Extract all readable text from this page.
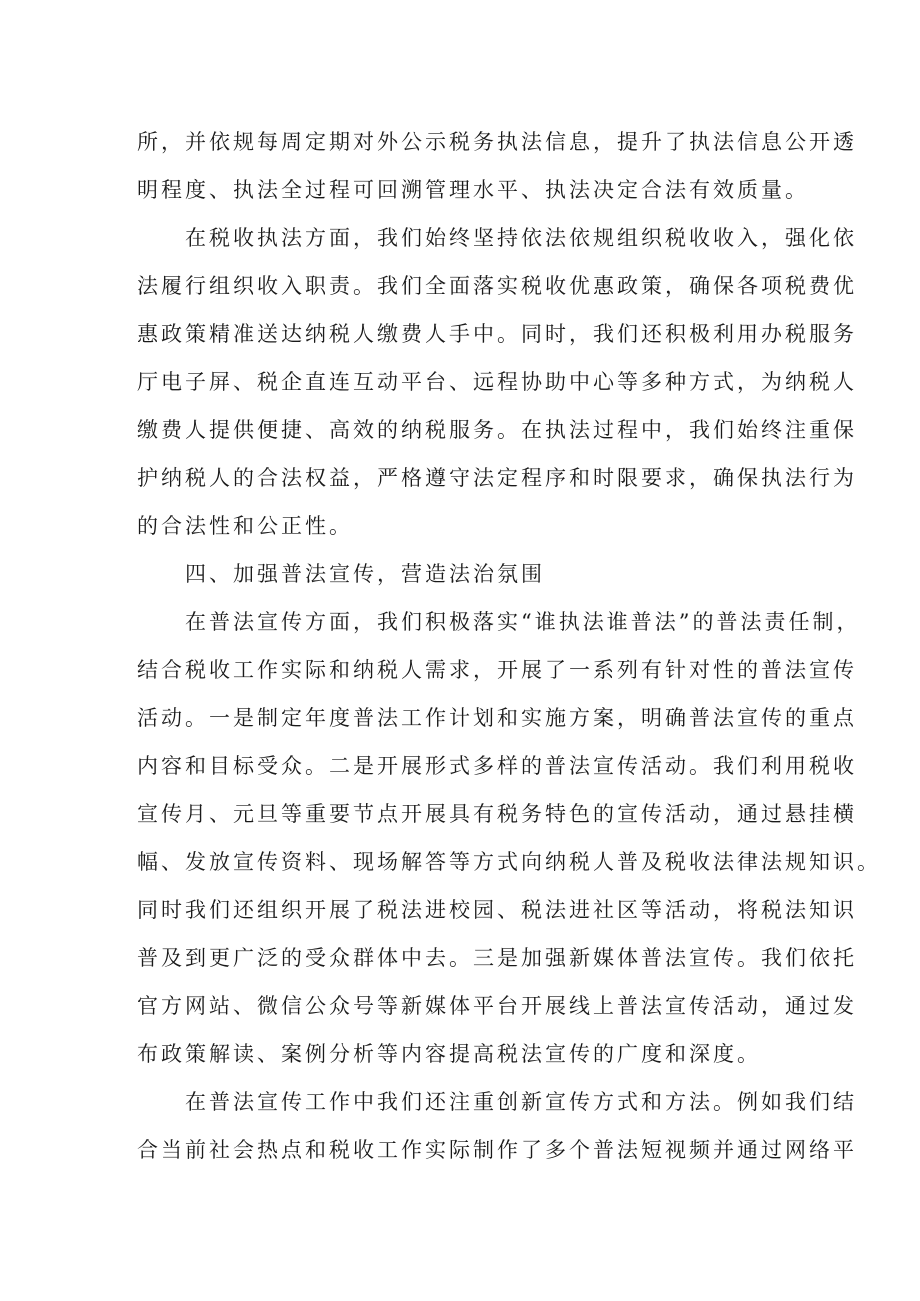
所，并依规每周定期对外公示税务执法信息，提升了执法信息公开透
明程度、执法全过程可回溯管理水平、执法决定合法有效质量。
在税收执法方面，我们始终坚持依法依规组织税收收入，强化依
法履行组织收入职责。我们全面落实税收优惠政策，确保各项税费优
惠政策精准送达纳税人缴费人手中。同时，我们还积极利用办税服务
厅电子屏、税企直连互动平台、远程协助中心等多种方式，为纳税人
缴费人提供便捷、高效的纳税服务。在执法过程中，我们始终注重保
护纳税人的合法权益，严格遵守法定程序和时限要求，确保执法行为
的合法性和公正性。
四、加强普法宣传，营造法治氛围
在普法宣传方面，我们积极落实“谁执法谁普法”的普法责任制，
结合税收工作实际和纳税人需求，开展了一系列有针对性的普法宣传
活动。一是制定年度普法工作计划和实施方案，明确普法宣传的重点
内容和目标受众。二是开展形式多样的普法宣传活动。我们利用税收
宣传月、元旦等重要节点开展具有税务特色的宣传活动，通过悬挂横
幅、发放宣传资料、现场解答等方式向纳税人普及税收法律法规知识。
同时我们还组织开展了税法进校园、税法进社区等活动，将税法知识
普及到更广泛的受众群体中去。三是加强新媒体普法宣传。我们依托
官方网站、微信公众号等新媒体平台开展线上普法宣传活动，通过发
布政策解读、案例分析等内容提高税法宣传的广度和深度。
在普法宣传工作中我们还注重创新宣传方式和方法。例如我们结
合当前社会热点和税收工作实际制作了多个普法短视频并通过网络平
